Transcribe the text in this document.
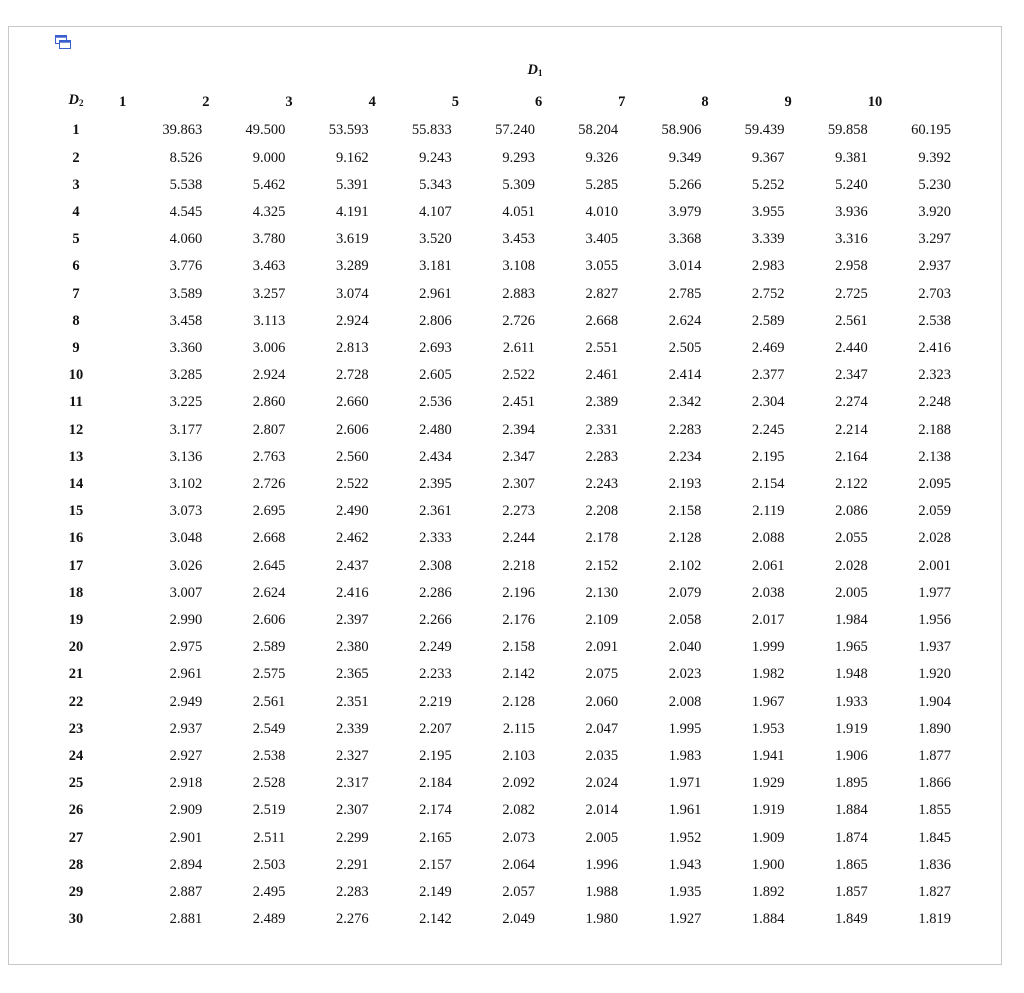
	$D_1$
$D_2$	1	2	3	4	5	6	7	8	9	10
1	39.863	49.500	53.593	55.833	57.240	58.204	58.906	59.439	59.858	60.195
2	8.526	9.000	9.162	9.243	9.293	9.326	9.349	9.367	9.381	9.392
3	5.538	5.462	5.391	5.343	5.309	5.285	5.266	5.252	5.240	5.230
4	4.545	4.325	4.191	4.107	4.051	4.010	3.979	3.955	3.936	3.920
5	4.060	3.780	3.619	3.520	3.453	3.405	3.368	3.339	3.316	3.297
6	3.776	3.463	3.289	3.181	3.108	3.055	3.014	2.983	2.958	2.937
7	3.589	3.257	3.074	2.961	2.883	2.827	2.785	2.752	2.725	2.703
8	3.458	3.113	2.924	2.806	2.726	2.668	2.624	2.589	2.561	2.538
9	3.360	3.006	2.813	2.693	2.611	2.551	2.505	2.469	2.440	2.416
10	3.285	2.924	2.728	2.605	2.522	2.461	2.414	2.377	2.347	2.323
11	3.225	2.860	2.660	2.536	2.451	2.389	2.342	2.304	2.274	2.248
12	3.177	2.807	2.606	2.480	2.394	2.331	2.283	2.245	2.214	2.188
13	3.136	2.763	2.560	2.434	2.347	2.283	2.234	2.195	2.164	2.138
14	3.102	2.726	2.522	2.395	2.307	2.243	2.193	2.154	2.122	2.095
15	3.073	2.695	2.490	2.361	2.273	2.208	2.158	2.119	2.086	2.059
16	3.048	2.668	2.462	2.333	2.244	2.178	2.128	2.088	2.055	2.028
17	3.026	2.645	2.437	2.308	2.218	2.152	2.102	2.061	2.028	2.001
18	3.007	2.624	2.416	2.286	2.196	2.130	2.079	2.038	2.005	1.977
19	2.990	2.606	2.397	2.266	2.176	2.109	2.058	2.017	1.984	1.956
20	2.975	2.589	2.380	2.249	2.158	2.091	2.040	1.999	1.965	1.937
21	2.961	2.575	2.365	2.233	2.142	2.075	2.023	1.982	1.948	1.920
22	2.949	2.561	2.351	2.219	2.128	2.060	2.008	1.967	1.933	1.904
23	2.937	2.549	2.339	2.207	2.115	2.047	1.995	1.953	1.919	1.890
24	2.927	2.538	2.327	2.195	2.103	2.035	1.983	1.941	1.906	1.877
25	2.918	2.528	2.317	2.184	2.092	2.024	1.971	1.929	1.895	1.866
26	2.909	2.519	2.307	2.174	2.082	2.014	1.961	1.919	1.884	1.855
27	2.901	2.511	2.299	2.165	2.073	2.005	1.952	1.909	1.874	1.845
28	2.894	2.503	2.291	2.157	2.064	1.996	1.943	1.900	1.865	1.836
29	2.887	2.495	2.283	2.149	2.057	1.988	1.935	1.892	1.857	1.827
30	2.881	2.489	2.276	2.142	2.049	1.980	1.927	1.884	1.849	1.819
